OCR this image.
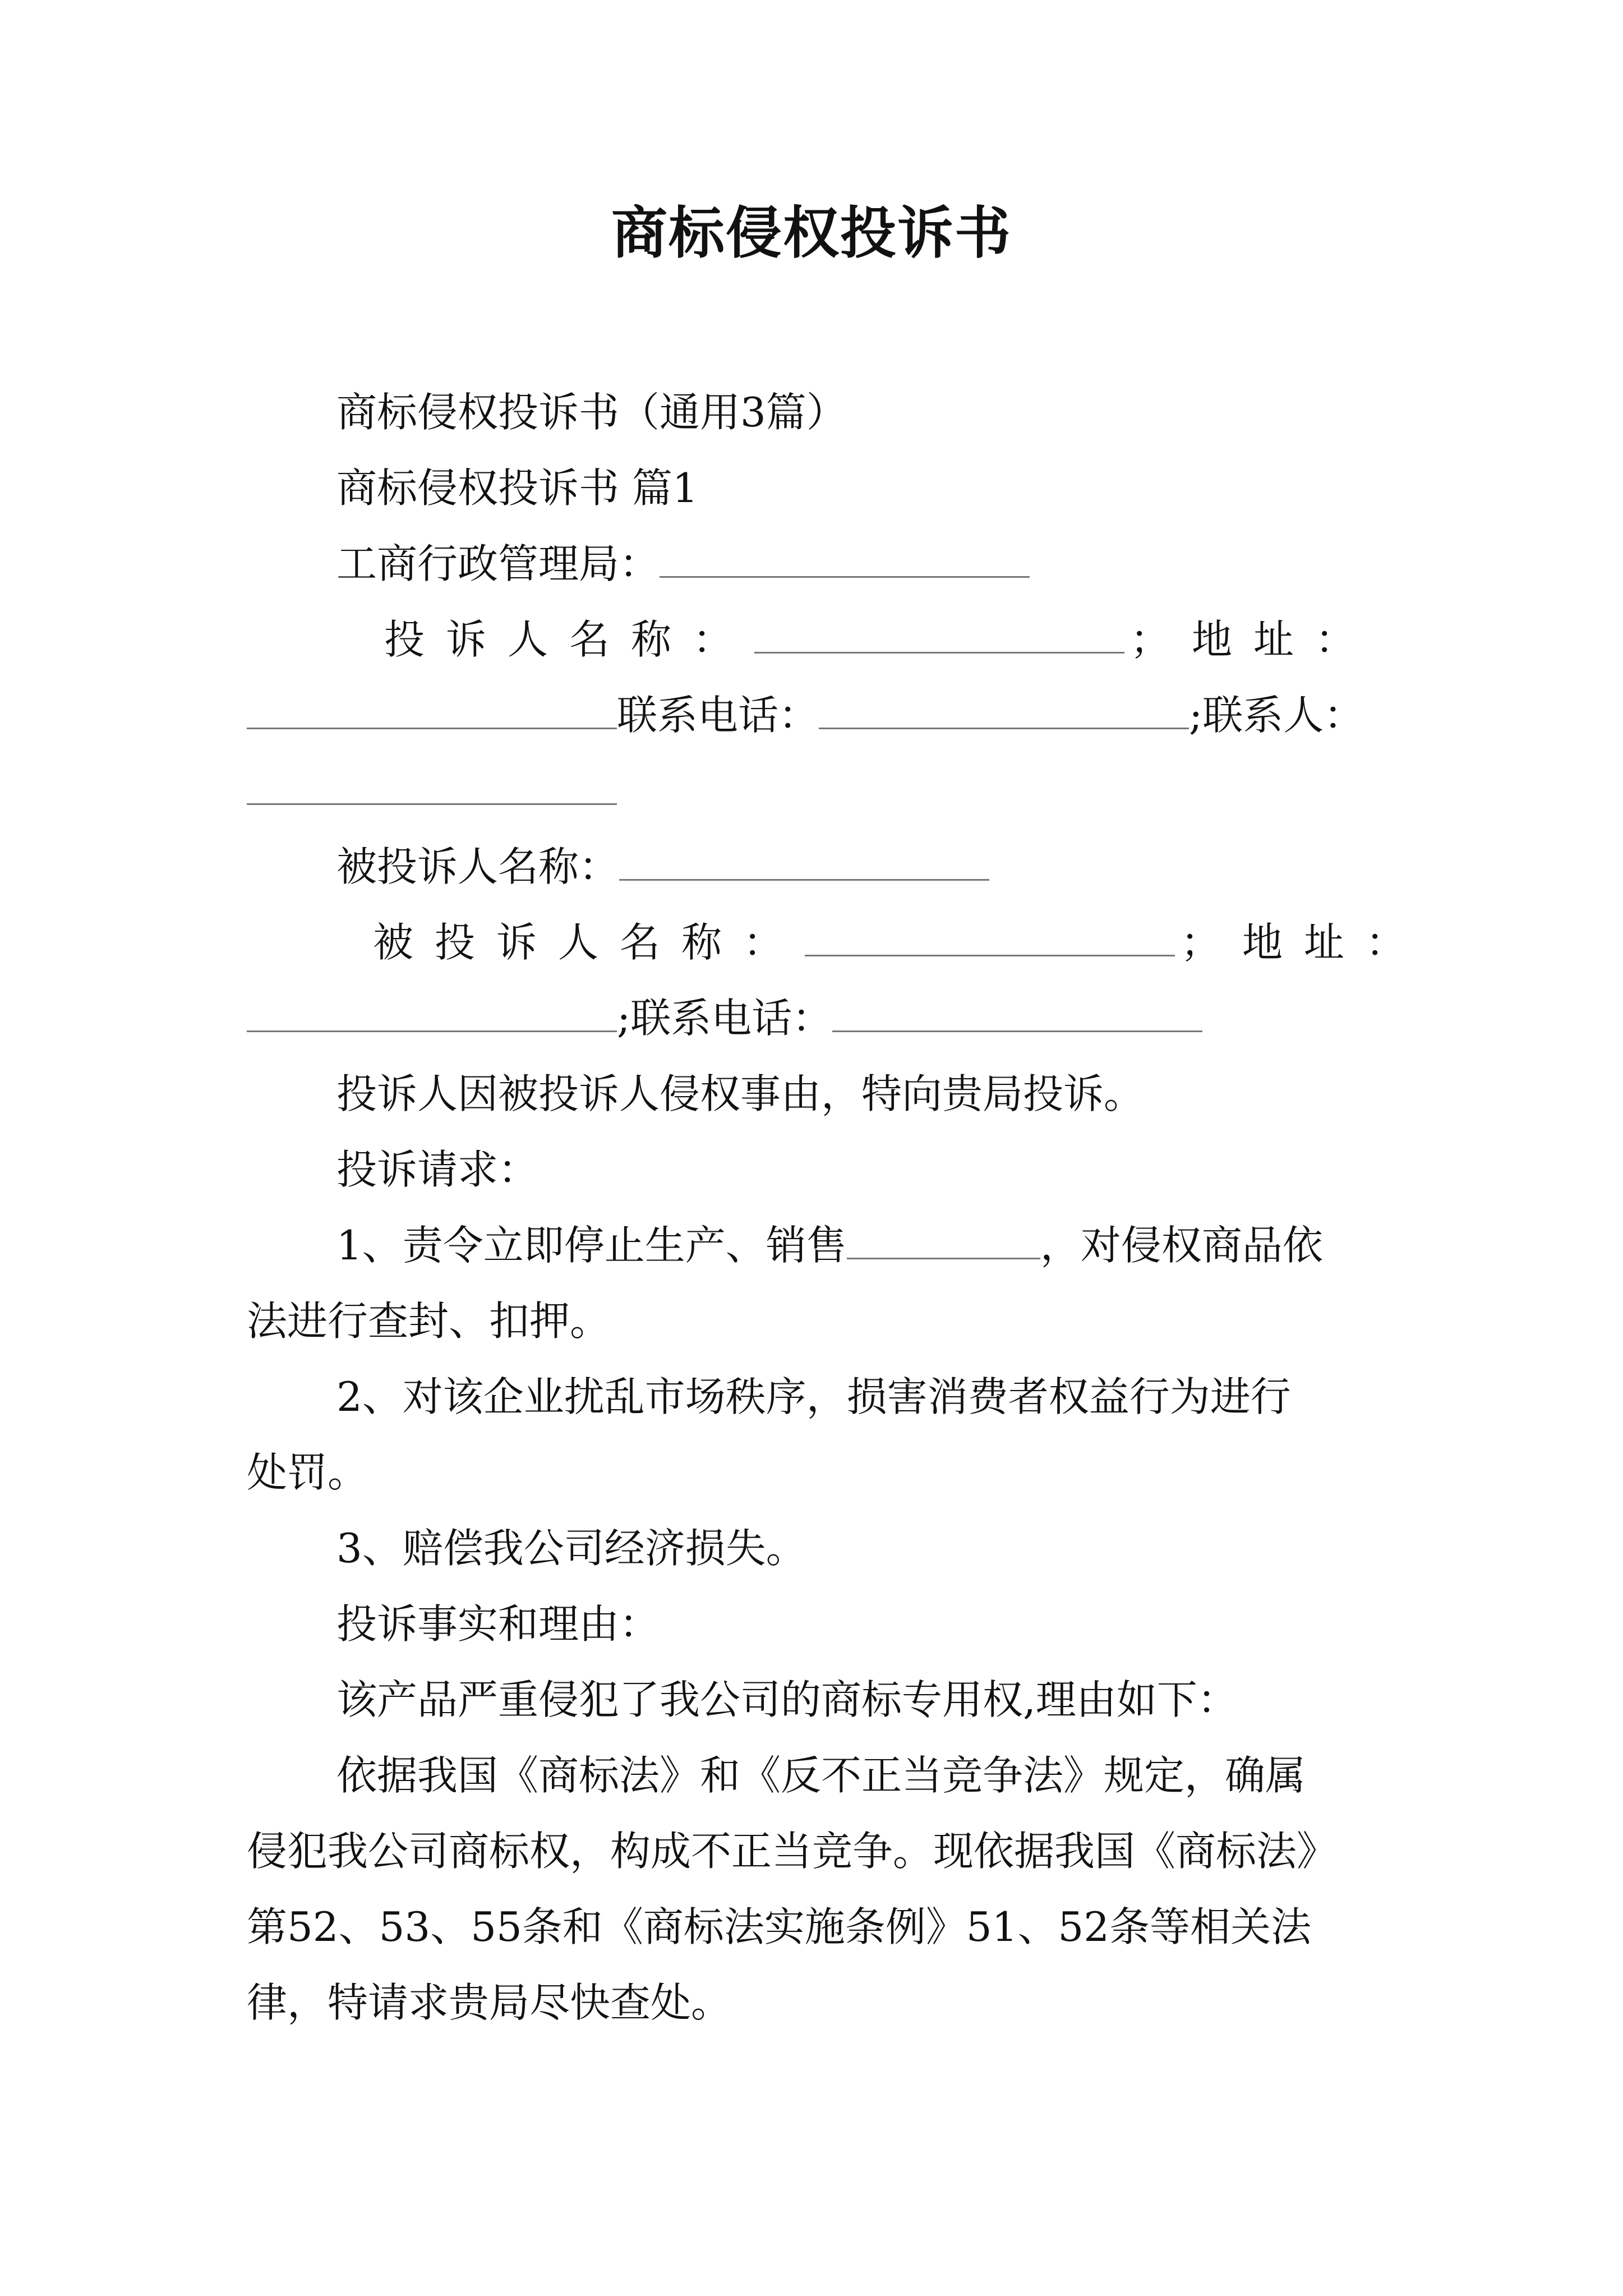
商标侵权投诉书
商标侵权投诉书（通用3篇）
商标侵权投诉书 篇1
工商行政管理局：
投诉人名称：	；地址：
联系电话：	;联系人：
被投诉人名称：
被投诉人名称：	；地址：
;联系电话：
投诉人因被投诉人侵权事由，特向贵局投诉。
投诉请求：
1、责令立即停止生产、销售	，对侵权商品依
法进行查封、扣押。
2、对该企业扰乱市场秩序，损害消费者权益行为进行
处罚。
3、赔偿我公司经济损失。
投诉事实和理由：
该产品严重侵犯了我公司的商标专用权,理由如下：
依据我国《商标法》和《反不正当竞争法》规定，确属
侵犯我公司商标权，构成不正当竞争。现依据我国《商标法》
第52、53、55条和《商标法实施条例》51、52条等相关法
律，特请求贵局尽快查处。
